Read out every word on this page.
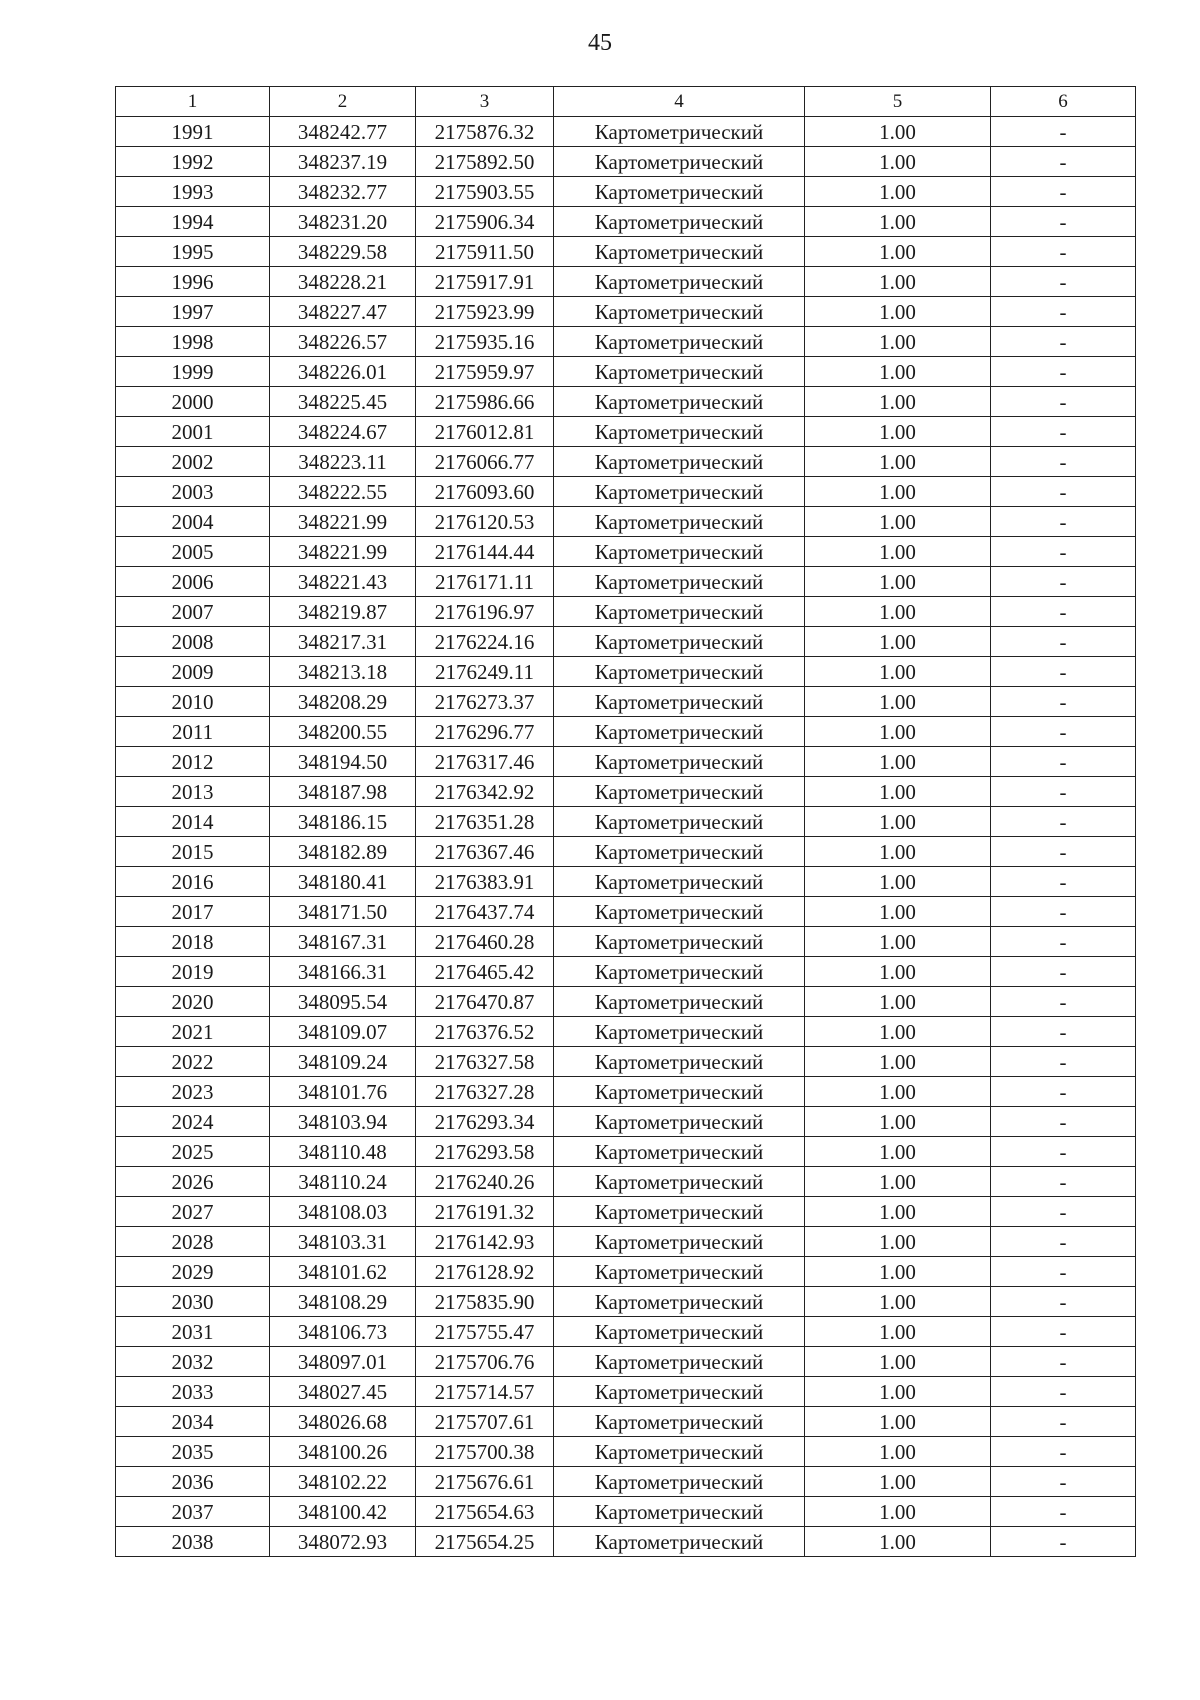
45
1	2	3	4	5	6
1991	348242.77	2175876.32	Картометрический	1.00	-
1992	348237.19	2175892.50	Картометрический	1.00	-
1993	348232.77	2175903.55	Картометрический	1.00	-
1994	348231.20	2175906.34	Картометрический	1.00	-
1995	348229.58	2175911.50	Картометрический	1.00	-
1996	348228.21	2175917.91	Картометрический	1.00	-
1997	348227.47	2175923.99	Картометрический	1.00	-
1998	348226.57	2175935.16	Картометрический	1.00	-
1999	348226.01	2175959.97	Картометрический	1.00	-
2000	348225.45	2175986.66	Картометрический	1.00	-
2001	348224.67	2176012.81	Картометрический	1.00	-
2002	348223.11	2176066.77	Картометрический	1.00	-
2003	348222.55	2176093.60	Картометрический	1.00	-
2004	348221.99	2176120.53	Картометрический	1.00	-
2005	348221.99	2176144.44	Картометрический	1.00	-
2006	348221.43	2176171.11	Картометрический	1.00	-
2007	348219.87	2176196.97	Картометрический	1.00	-
2008	348217.31	2176224.16	Картометрический	1.00	-
2009	348213.18	2176249.11	Картометрический	1.00	-
2010	348208.29	2176273.37	Картометрический	1.00	-
2011	348200.55	2176296.77	Картометрический	1.00	-
2012	348194.50	2176317.46	Картометрический	1.00	-
2013	348187.98	2176342.92	Картометрический	1.00	-
2014	348186.15	2176351.28	Картометрический	1.00	-
2015	348182.89	2176367.46	Картометрический	1.00	-
2016	348180.41	2176383.91	Картометрический	1.00	-
2017	348171.50	2176437.74	Картометрический	1.00	-
2018	348167.31	2176460.28	Картометрический	1.00	-
2019	348166.31	2176465.42	Картометрический	1.00	-
2020	348095.54	2176470.87	Картометрический	1.00	-
2021	348109.07	2176376.52	Картометрический	1.00	-
2022	348109.24	2176327.58	Картометрический	1.00	-
2023	348101.76	2176327.28	Картометрический	1.00	-
2024	348103.94	2176293.34	Картометрический	1.00	-
2025	348110.48	2176293.58	Картометрический	1.00	-
2026	348110.24	2176240.26	Картометрический	1.00	-
2027	348108.03	2176191.32	Картометрический	1.00	-
2028	348103.31	2176142.93	Картометрический	1.00	-
2029	348101.62	2176128.92	Картометрический	1.00	-
2030	348108.29	2175835.90	Картометрический	1.00	-
2031	348106.73	2175755.47	Картометрический	1.00	-
2032	348097.01	2175706.76	Картометрический	1.00	-
2033	348027.45	2175714.57	Картометрический	1.00	-
2034	348026.68	2175707.61	Картометрический	1.00	-
2035	348100.26	2175700.38	Картометрический	1.00	-
2036	348102.22	2175676.61	Картометрический	1.00	-
2037	348100.42	2175654.63	Картометрический	1.00	-
2038	348072.93	2175654.25	Картометрический	1.00	-
